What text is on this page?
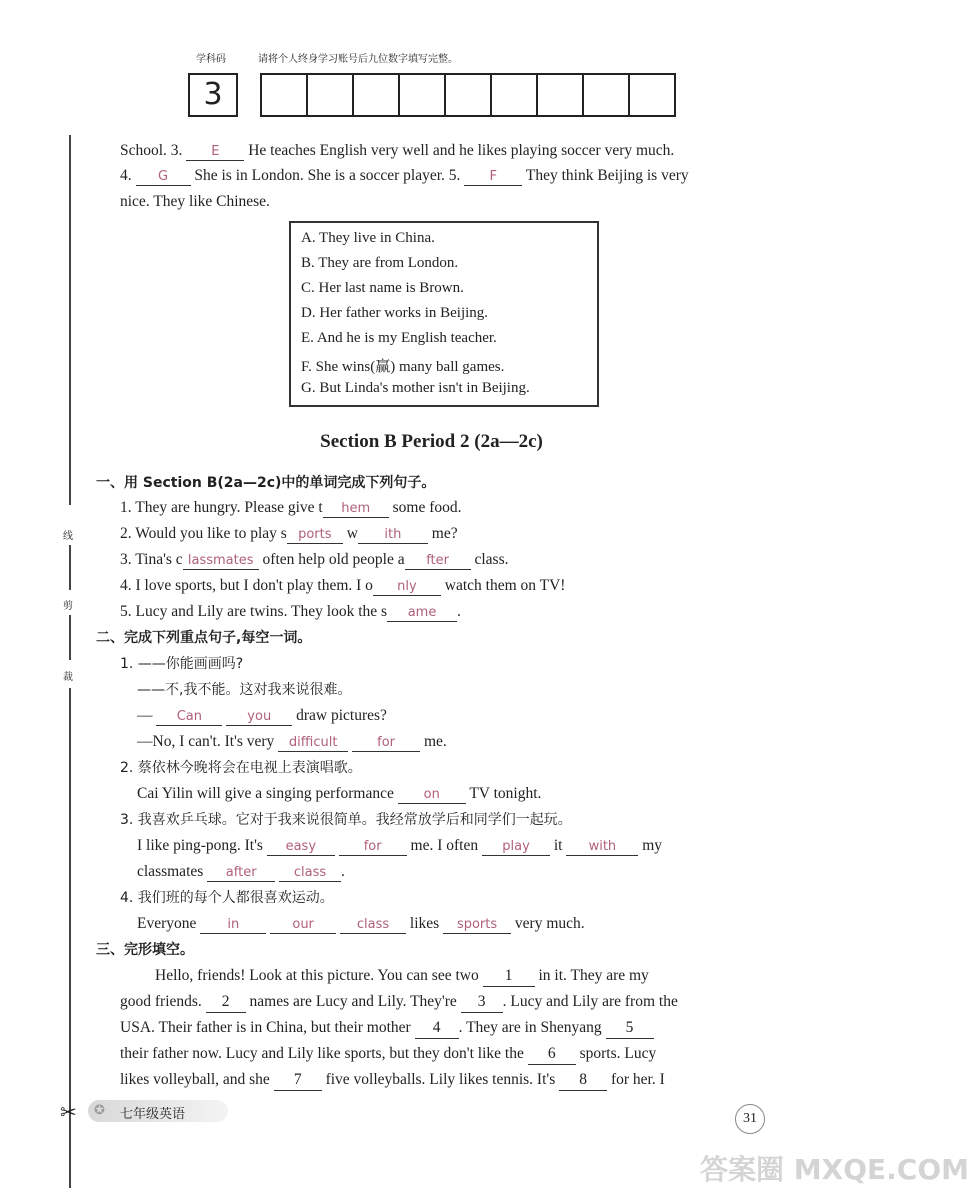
学科码	请将个人终身学习账号后九位数字填写完整。
3
线
剪
裁
✂
School. 3. E He teaches English very well and he likes playing soccer very much.
4. G She is in London. She is a soccer player. 5. F They think Beijing is very
nice. They like Chinese.
A. They live in China.
B. They are from London.
C. Her last name is Brown.
D. Her father works in Beijing.
E. And he is my English teacher.
F. She wins(赢) many ball games.
G. But Linda's mother isn't in Beijing.
Section B Period 2 (2a—2c)
一、用 Section B(2a—2c)中的单词完成下列句子。
1. They are hungry. Please give t hem some food.
2. Would you like to play s ports w ith me?
3. Tina's c lassmates often help old people a fter class.
4. I love sports, but I don't play them. I o nly watch them on TV!
5. Lucy and Lily are twins. They look the s ame .
二、完成下列重点句子,每空一词。
1. ——你能画画吗?
——不,我不能。这对我来说很难。
— Can	you draw pictures?
—No, I can't. It's very difficult	for me.
2. 蔡依林今晚将会在电视上表演唱歌。
Cai Yilin will give a singing performance on TV tonight.
3. 我喜欢乒乓球。它对于我来说很简单。我经常放学后和同学们一起玩。
I like ping-pong. It's easy	for me. I often play it with my
classmates after	class .
4. 我们班的每个人都很喜欢运动。
Everyone in	our	class likes sports very much.
三、完形填空。
Hello, friends! Look at this picture. You can see two 1 in it. They are my
good friends. 2 names are Lucy and Lily. They're 3 . Lucy and Lily are from the
USA. Their father is in China, but their mother 4 . They are in Shenyang 5
their father now. Lucy and Lily like sports, but they don't like the 6 sports. Lucy
likes volleyball, and she 7 five volleyballs. Lily likes tennis. It's 8 for her. I
✪ 七年级英语	31
答案圈 MXQE.COM
